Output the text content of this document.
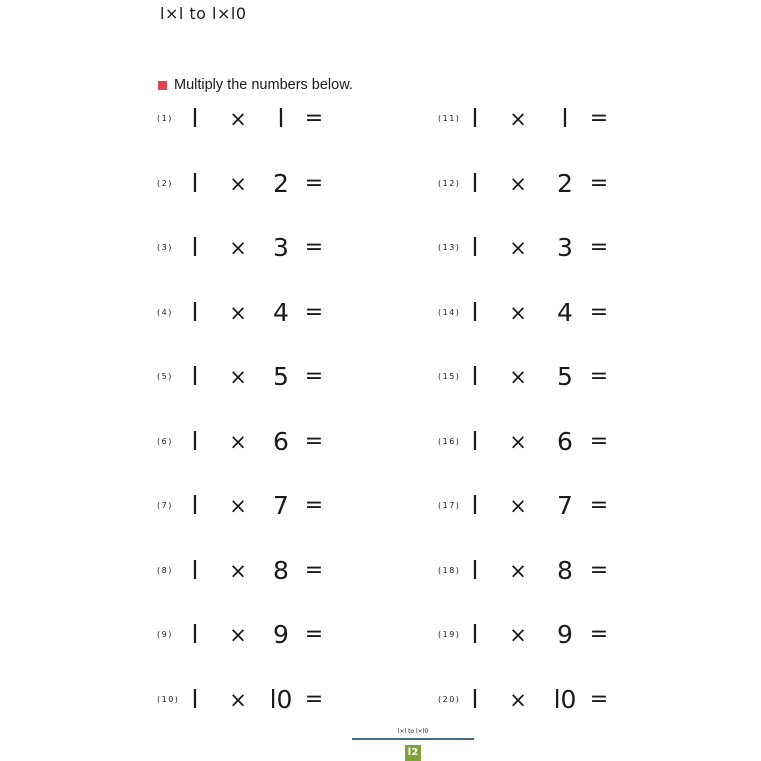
l×l to l×l0
Multiply the numbers below.
(1) l	×	l =
(2) l	×	2 =
(3) l	×	3 =
(4) l	×	4 =
(5) l	×	5 =
(6) l	×	6 =
(7) l	×	7 =
(8) l	×	8 =
(9) l	×	9 =
(10) l	× l0 =
(11) l	×	l =
(12) l	×	2 =
(13) l	×	3 =
(14) l	×	4 =
(15) l	×	5 =
(16) l	×	6 =
(17) l	×	7 =
(18) l	×	8 =
(19) l	×	9 =
(20) l	×	l0 =
l×l to l×l0
l2
